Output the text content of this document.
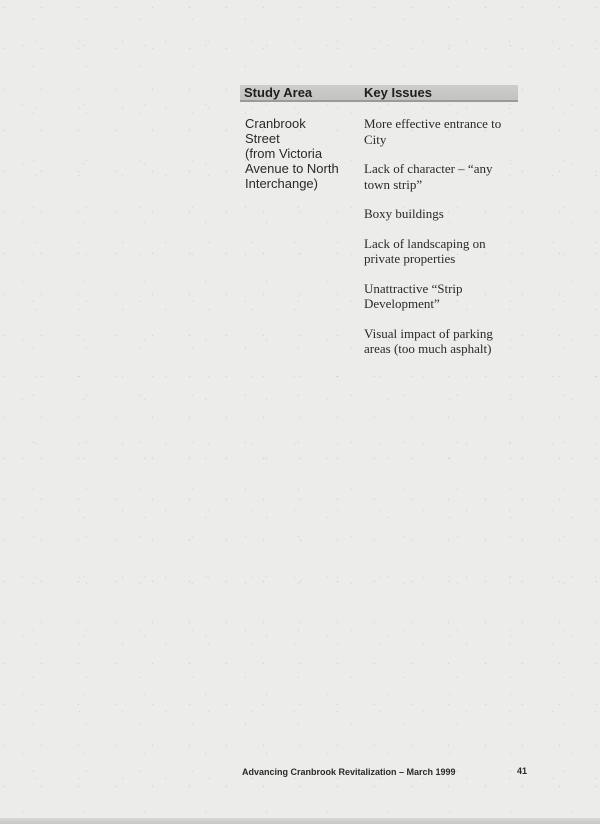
Study Area	Key Issues
Cranbrook
Street
(from Victoria
Avenue to North
Interchange)
More effective entrance to
City
Lack of character – “any
town strip”
Boxy buildings
Lack of landscaping on
private properties
Unattractive “Strip
Development”
Visual impact of parking
areas (too much asphalt)
Advancing Cranbrook Revitalization – March 1999	41
